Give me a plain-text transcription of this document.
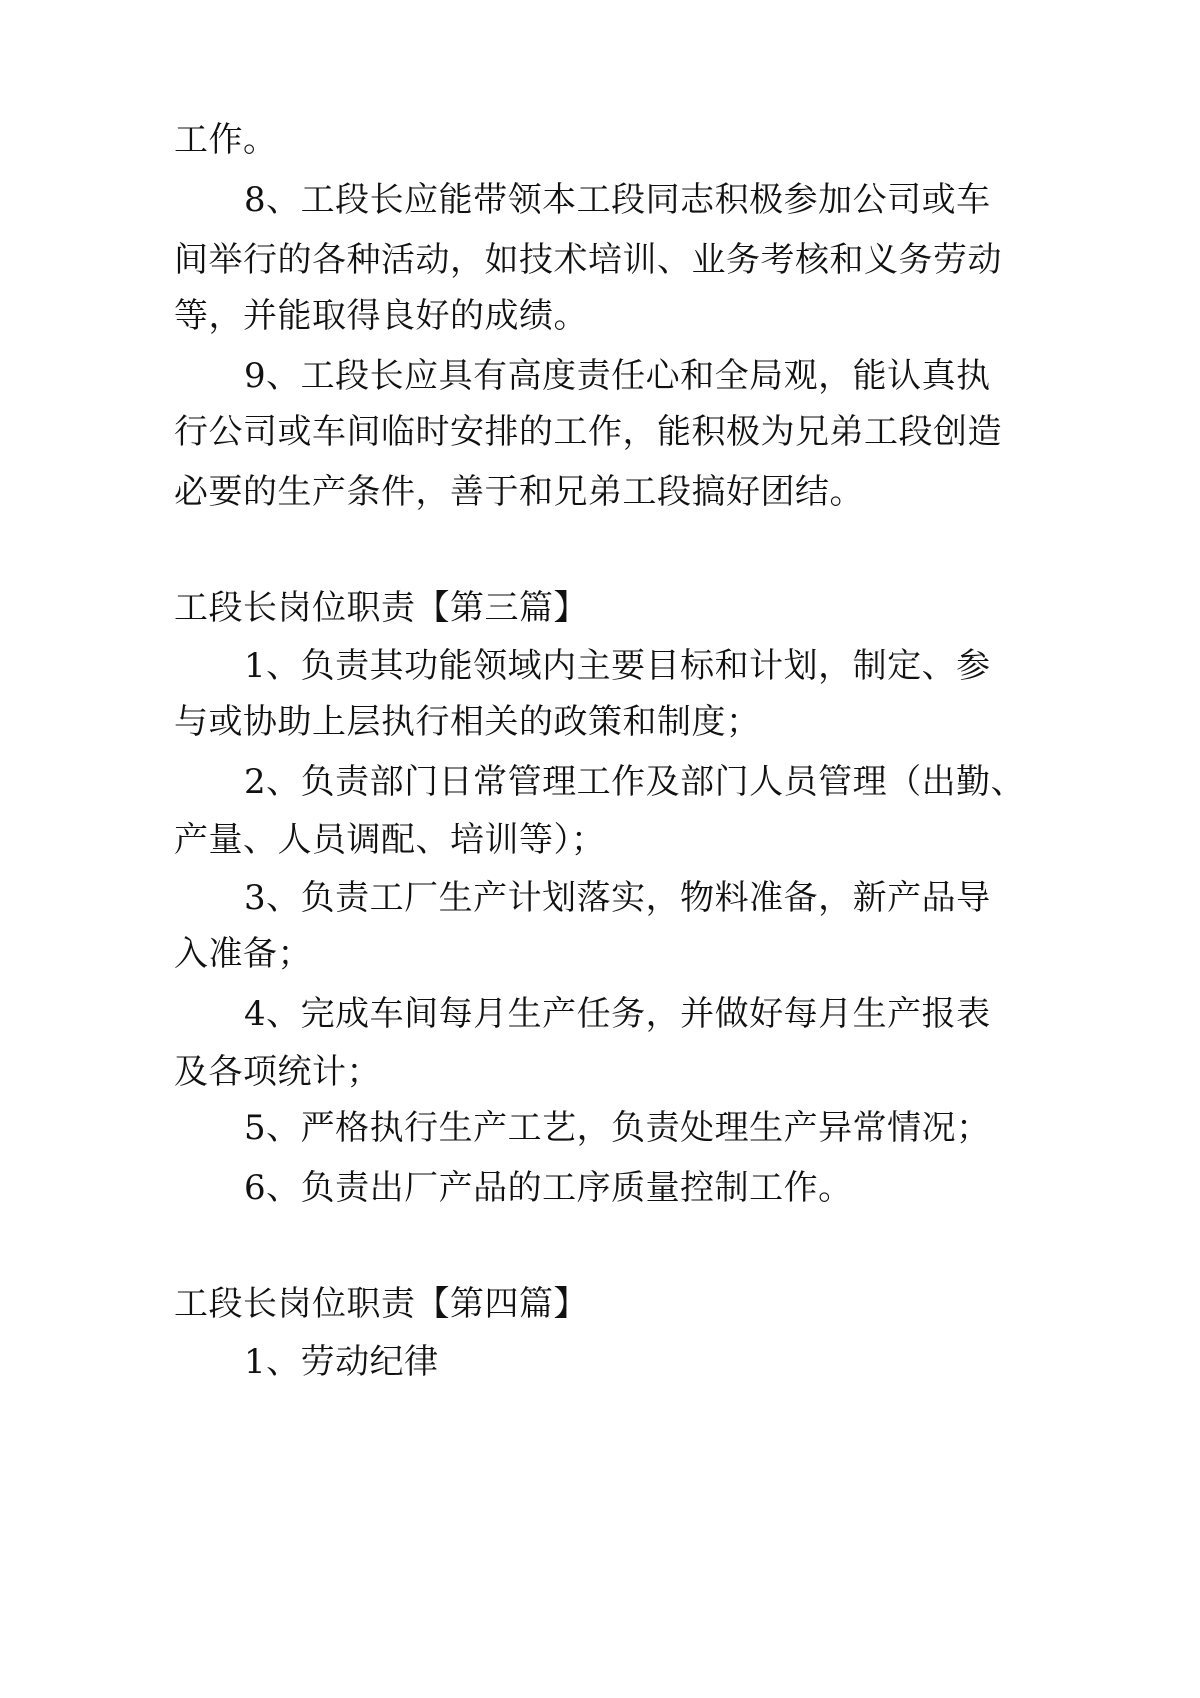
工作。
8、工段长应能带领本工段同志积极参加公司或车
间举行的各种活动，如技术培训、业务考核和义务劳动
等，并能取得良好的成绩。
9、工段长应具有高度责任心和全局观，能认真执
行公司或车间临时安排的工作，能积极为兄弟工段创造
必要的生产条件，善于和兄弟工段搞好团结。
工段长岗位职责【第三篇】
1、负责其功能领域内主要目标和计划，制定、参
与或协助上层执行相关的政策和制度；
2、负责部门日常管理工作及部门人员管理（出勤、
产量、人员调配、培训等）；
3、负责工厂生产计划落实，物料准备，新产品导
入准备；
4、完成车间每月生产任务，并做好每月生产报表
及各项统计；
5、严格执行生产工艺，负责处理生产异常情况；
6、负责出厂产品的工序质量控制工作。
工段长岗位职责【第四篇】
1、劳动纪律
